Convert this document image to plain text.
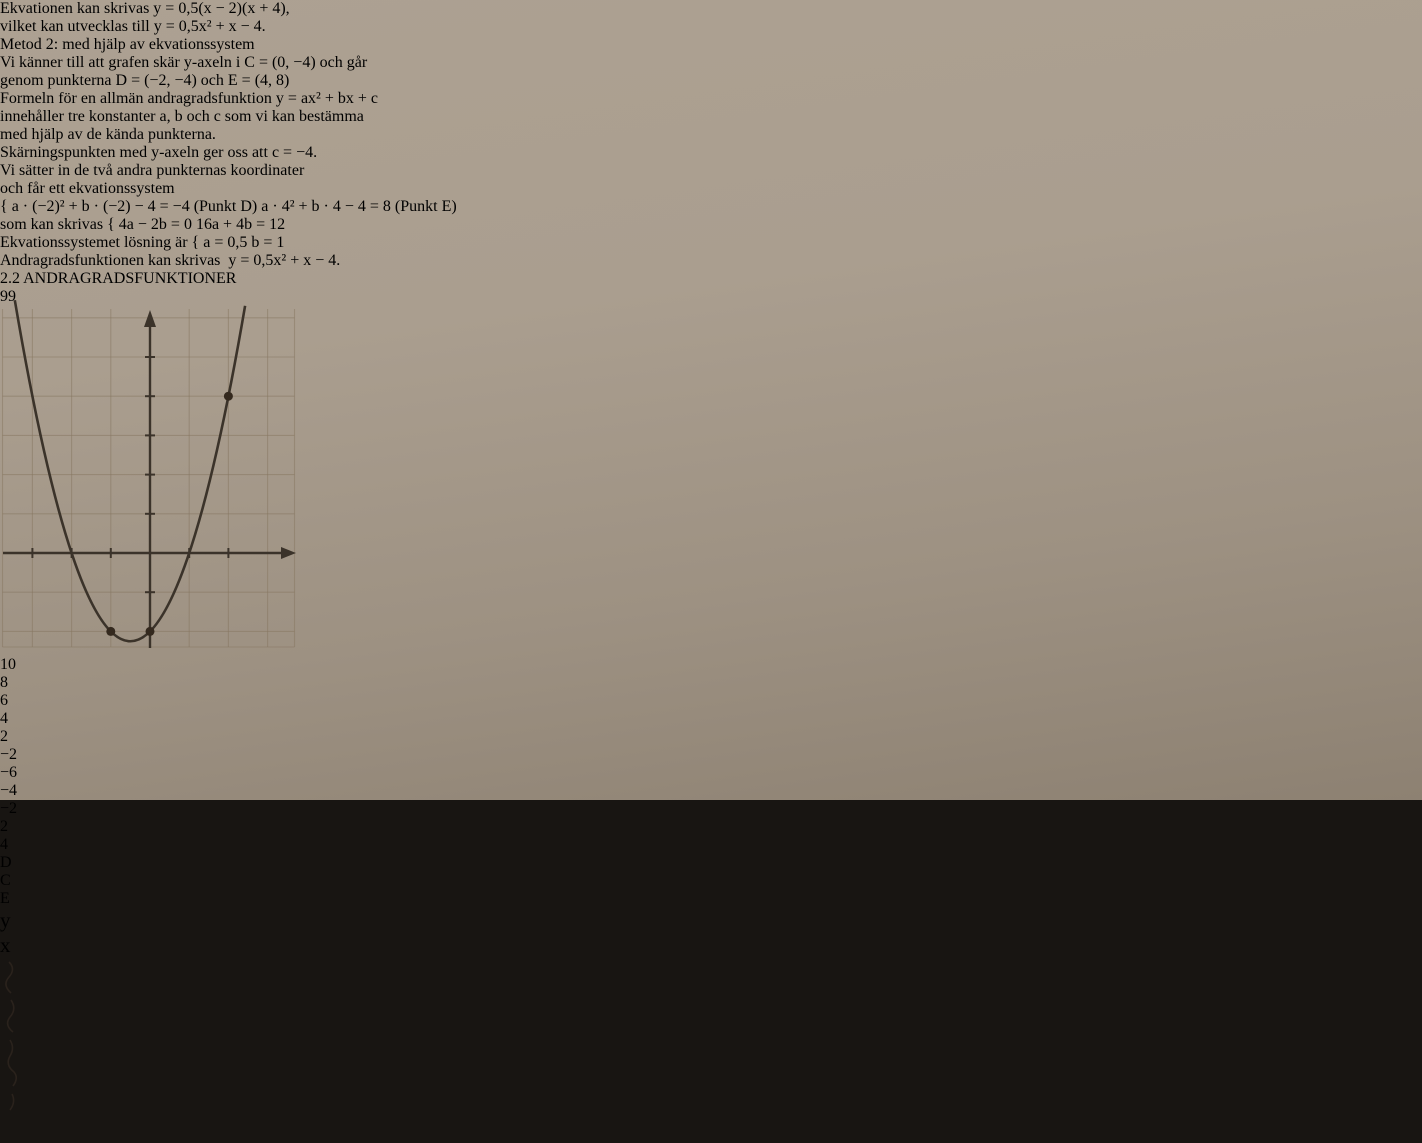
Ekvationen kan skrivas y = 0,5(x − 2)(x + 4),
vilket kan utvecklas till y = 0,5x² + x − 4.
Metod 2: med hjälp av ekvationssystem
Vi känner till att grafen skär y-axeln i C = (0, −4) och går
genom punkterna D = (−2, −4) och E = (4, 8)
Formeln för en allmän andragradsfunktion y = ax² + bx + c
innehåller tre konstanter a, b och c som vi kan bestämma
med hjälp av de kända punkterna.
Skärningspunkten med y-axeln ger oss att c = −4.
Vi sätter in de två andra punkternas koordinater
och får ett ekvationssystem
{ a · (−2)² + b · (−2) − 4 = −4 (Punkt D) a · 4² + b · 4 − 4 = 8 (Punkt E)
som kan skrivas { 4a − 2b = 0 16a + 4b = 12
Ekvationssystemet lösning är { a = 0,5 b = 1
Andragradsfunktionen kan skrivas y = 0,5x² + x − 4.
2.2 ANDRAGRADSFUNKTIONER
99
10
8
6
4
2
−2
−6
−4
−2
2
4
D
C
E
y
x
